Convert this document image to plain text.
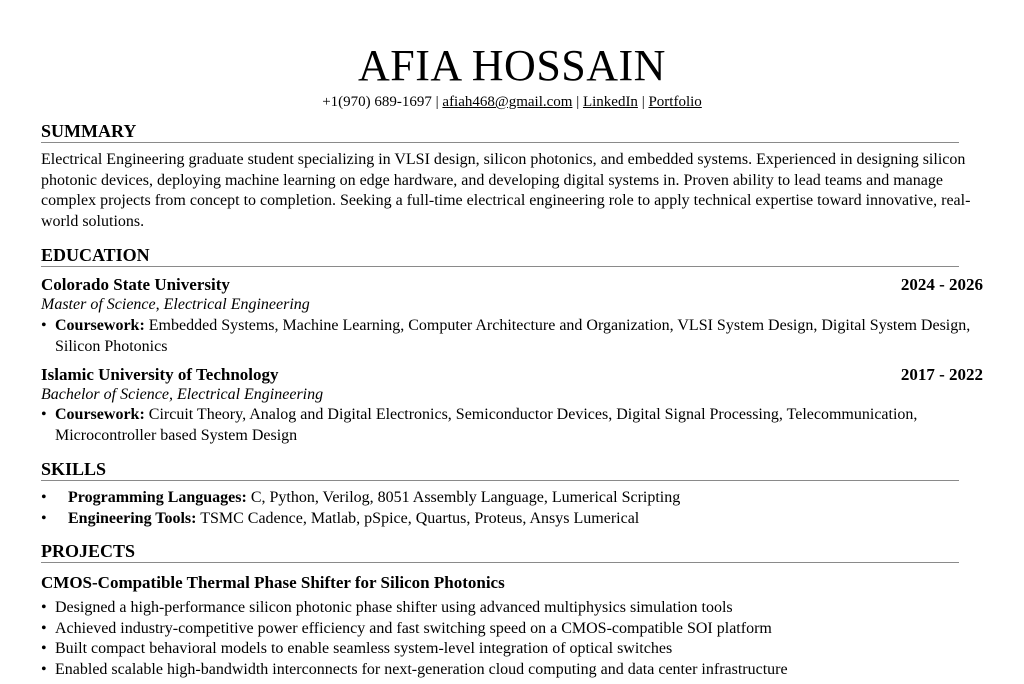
AFIA HOSSAIN
+1(970) 689-1697 | afiah468@gmail.com | LinkedIn | Portfolio
SUMMARY
Electrical Engineering graduate student specializing in VLSI design, silicon photonics, and embedded systems. Experienced in designing silicon photonic devices, deploying machine learning on edge hardware, and developing digital systems in. Proven ability to lead teams and manage complex projects from concept to completion. Seeking a full-time electrical engineering role to apply technical expertise toward innovative, real-world solutions.
EDUCATION
Colorado State University	2024 - 2026
Master of Science, Electrical Engineering
• Coursework: Embedded Systems, Machine Learning, Computer Architecture and Organization, VLSI System Design, Digital System Design, Silicon Photonics
Islamic University of Technology	2017 - 2022
Bachelor of Science, Electrical Engineering
• Coursework: Circuit Theory, Analog and Digital Electronics, Semiconductor Devices, Digital Signal Processing, Telecommunication, Microcontroller based System Design
SKILLS
• Programming Languages: C, Python, Verilog, 8051 Assembly Language, Lumerical Scripting
• Engineering Tools: TSMC Cadence, Matlab, pSpice, Quartus, Proteus, Ansys Lumerical
PROJECTS
CMOS-Compatible Thermal Phase Shifter for Silicon Photonics
• Designed a high-performance silicon photonic phase shifter using advanced multiphysics simulation tools
• Achieved industry-competitive power efficiency and fast switching speed on a CMOS-compatible SOI platform
• Built compact behavioral models to enable seamless system-level integration of optical switches
• Enabled scalable high-bandwidth interconnects for next-generation cloud computing and data center infrastructure
